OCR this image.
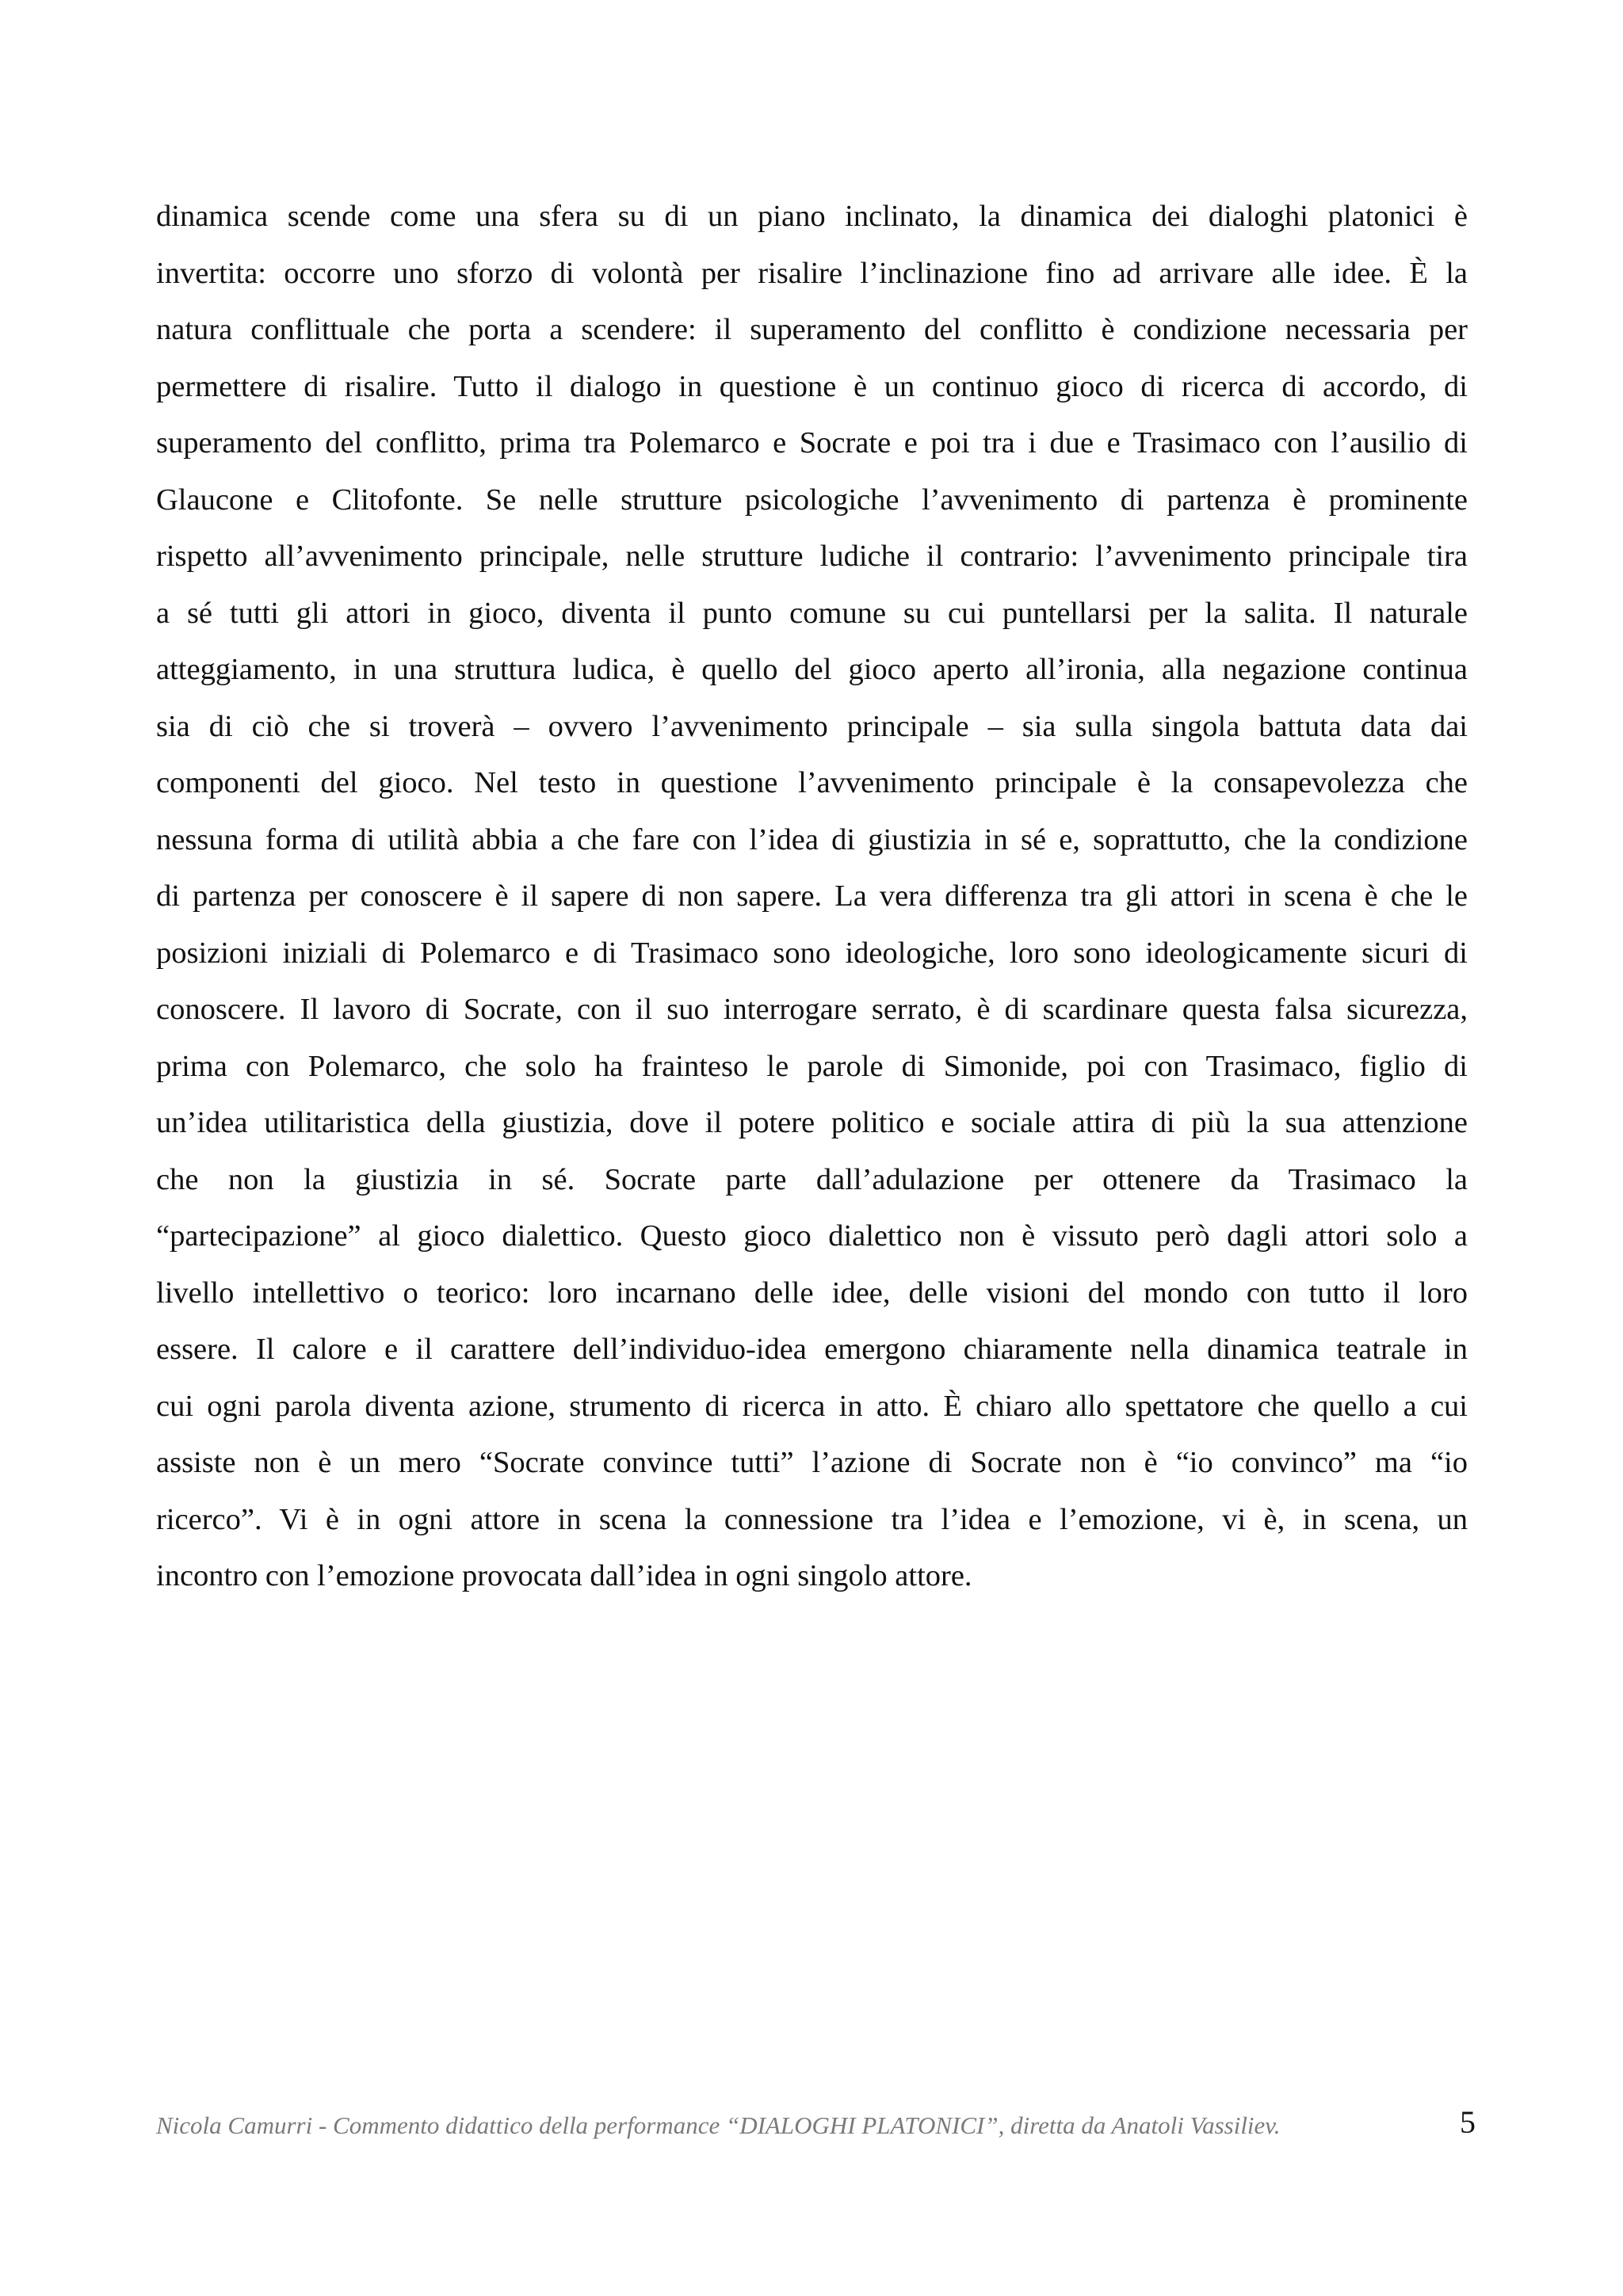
dinamica scende come una sfera su di un piano inclinato, la dinamica dei dialoghi platonici è
invertita: occorre uno sforzo di volontà per risalire l’inclinazione fino ad arrivare alle idee. È la
natura conflittuale che porta a scendere: il superamento del conflitto è condizione necessaria per
permettere di risalire. Tutto il dialogo in questione è un continuo gioco di ricerca di accordo, di
superamento del conflitto, prima tra Polemarco e Socrate e poi tra i due e Trasimaco con l’ausilio di
Glaucone e Clitofonte. Se nelle strutture psicologiche l’avvenimento di partenza è prominente
rispetto all’avvenimento principale, nelle strutture ludiche il contrario: l’avvenimento principale tira
a sé tutti gli attori in gioco, diventa il punto comune su cui puntellarsi per la salita. Il naturale
atteggiamento, in una struttura ludica, è quello del gioco aperto all’ironia, alla negazione continua
sia di ciò che si troverà – ovvero l’avvenimento principale – sia sulla singola battuta data dai
componenti del gioco. Nel testo in questione l’avvenimento principale è la consapevolezza che
nessuna forma di utilità abbia a che fare con l’idea di giustizia in sé e, soprattutto, che la condizione
di partenza per conoscere è il sapere di non sapere. La vera differenza tra gli attori in scena è che le
posizioni iniziali di Polemarco e di Trasimaco sono ideologiche, loro sono ideologicamente sicuri di
conoscere. Il lavoro di Socrate, con il suo interrogare serrato, è di scardinare questa falsa sicurezza,
prima con Polemarco, che solo ha frainteso le parole di Simonide, poi con Trasimaco, figlio di
un’idea utilitaristica della giustizia, dove il potere politico e sociale attira di più la sua attenzione
che non la giustizia in sé. Socrate parte dall’adulazione per ottenere da Trasimaco la
“partecipazione” al gioco dialettico. Questo gioco dialettico non è vissuto però dagli attori solo a
livello intellettivo o teorico: loro incarnano delle idee, delle visioni del mondo con tutto il loro
essere. Il calore e il carattere dell’individuo-idea emergono chiaramente nella dinamica teatrale in
cui ogni parola diventa azione, strumento di ricerca in atto. È chiaro allo spettatore che quello a cui
assiste non è un mero “Socrate convince tutti” l’azione di Socrate non è “io convinco” ma “io
ricerco”. Vi è in ogni attore in scena la connessione tra l’idea e l’emozione, vi è, in scena, un
incontro con l’emozione provocata dall’idea in ogni singolo attore.
Nicola Camurri - Commento didattico della performance “DIALOGHI PLATONICI”, diretta da Anatoli Vassiliev.	5
